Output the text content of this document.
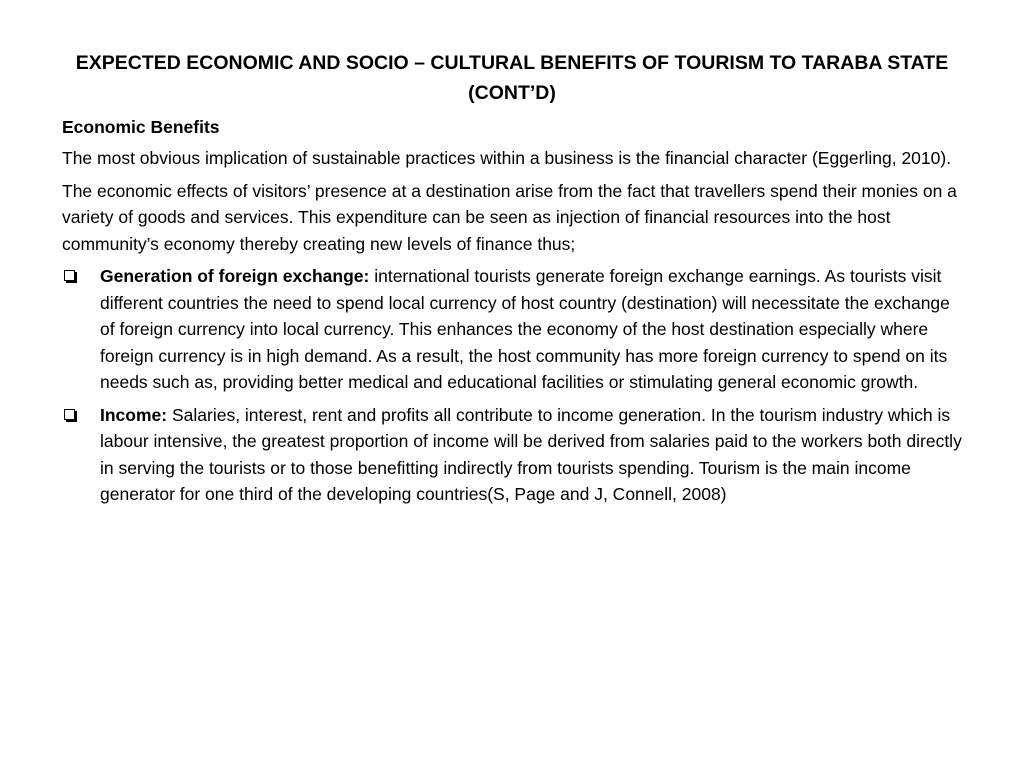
EXPECTED ECONOMIC AND SOCIO – CULTURAL BENEFITS OF TOURISM TO TARABA STATE (CONT’D)
Economic Benefits

The most obvious implication of sustainable practices within a business is the financial character (Eggerling, 2010).

The economic effects of visitors’ presence at a destination arise from the fact that travellers spend their monies on a variety of goods and services. This expenditure can be seen as injection of financial resources into the host community’s economy thereby creating new levels of finance thus;

Generation of foreign exchange: international tourists generate foreign exchange earnings. As tourists visit different countries the need to spend local currency of host country (destination) will necessitate the exchange of foreign currency into local currency. This enhances the economy of the host destination especially where foreign currency is in high demand. As a result, the host community has more foreign currency to spend on its needs such as, providing better medical and educational facilities or stimulating general economic growth.
Income: Salaries, interest, rent and profits all contribute to income generation. In the tourism industry which is labour intensive, the greatest proportion of income will be derived from salaries paid to the workers both directly in serving the tourists or to those benefitting indirectly from tourists spending. Tourism is the main income generator for one third of the developing countries(S, Page and J, Connell, 2008)
